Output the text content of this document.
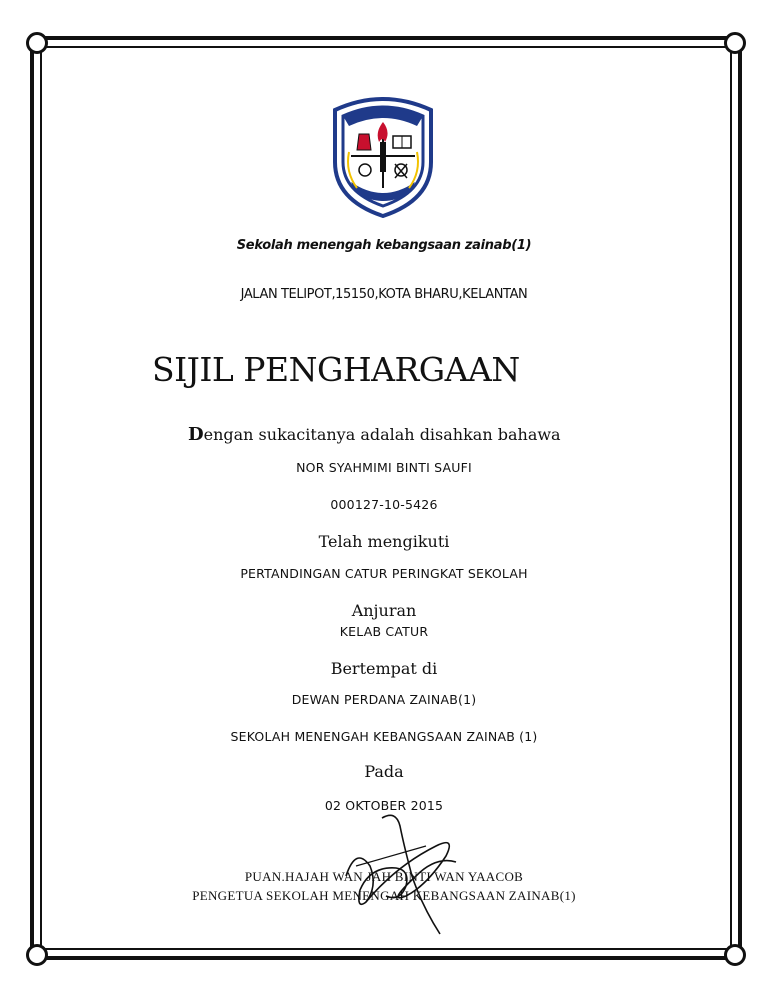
Sekolah menengah kebangsaan zainab(1)
JALAN TELIPOT,15150,KOTA BHARU,KELANTAN
SIJIL PENGHARGAAN
Dengan sukacitanya adalah disahkan bahawa
NOR SYAHMIMI BINTI SAUFI
000127-10-5426
Telah mengikuti
PERTANDINGAN CATUR PERINGKAT SEKOLAH
Anjuran
KELAB CATUR
Bertempat di
DEWAN PERDANA ZAINAB(1)
SEKOLAH MENENGAH KEBANGSAAN ZAINAB (1)
Pada
02 OKTOBER 2015
PUAN.HAJAH WAN JAH BINTI WAN YAACOB
PENGETUA SEKOLAH MENENGAH KEBANGSAAN ZAINAB(1)
